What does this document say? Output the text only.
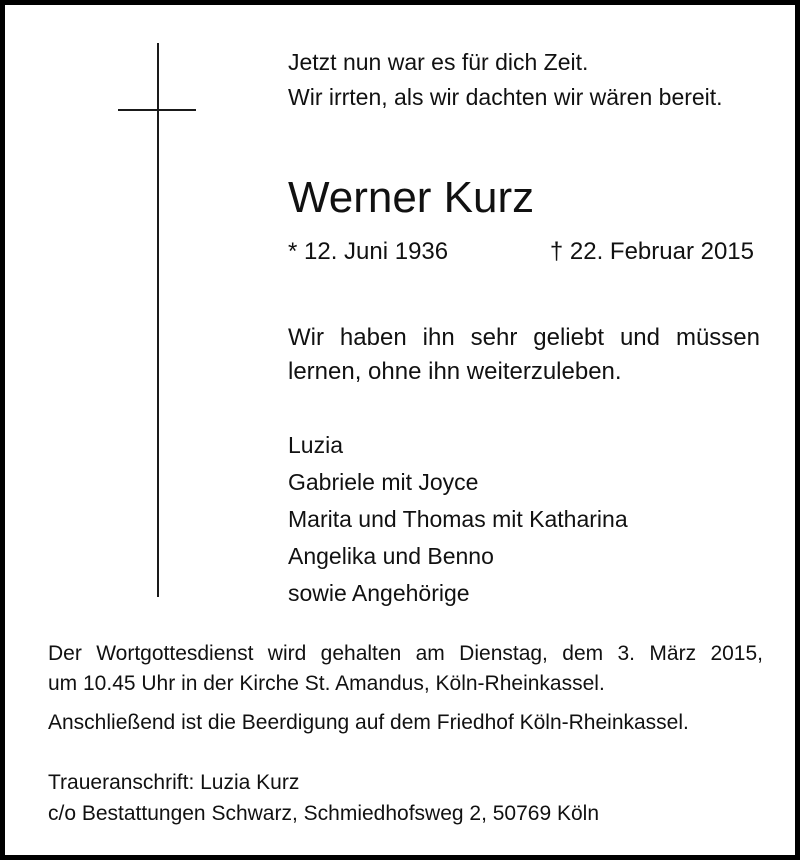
Jetzt nun war es für dich Zeit.
Wir irrten, als wir dachten wir wären bereit.
Werner Kurz
* 12. Juni 1936	† 22. Februar 2015
Wir haben ihn sehr geliebt und müssen
lernen, ohne ihn weiterzuleben.
Luzia
Gabriele mit Joyce
Marita und Thomas mit Katharina
Angelika und Benno
sowie Angehörige
Der Wortgottesdienst wird gehalten am Dienstag, dem 3. März 2015,
um 10.45 Uhr in der Kirche St. Amandus, Köln-Rheinkassel.
Anschließend ist die Beerdigung auf dem Friedhof Köln-Rheinkassel.
Traueranschrift: Luzia Kurz
c/o Bestattungen Schwarz, Schmiedhofsweg 2, 50769 Köln
